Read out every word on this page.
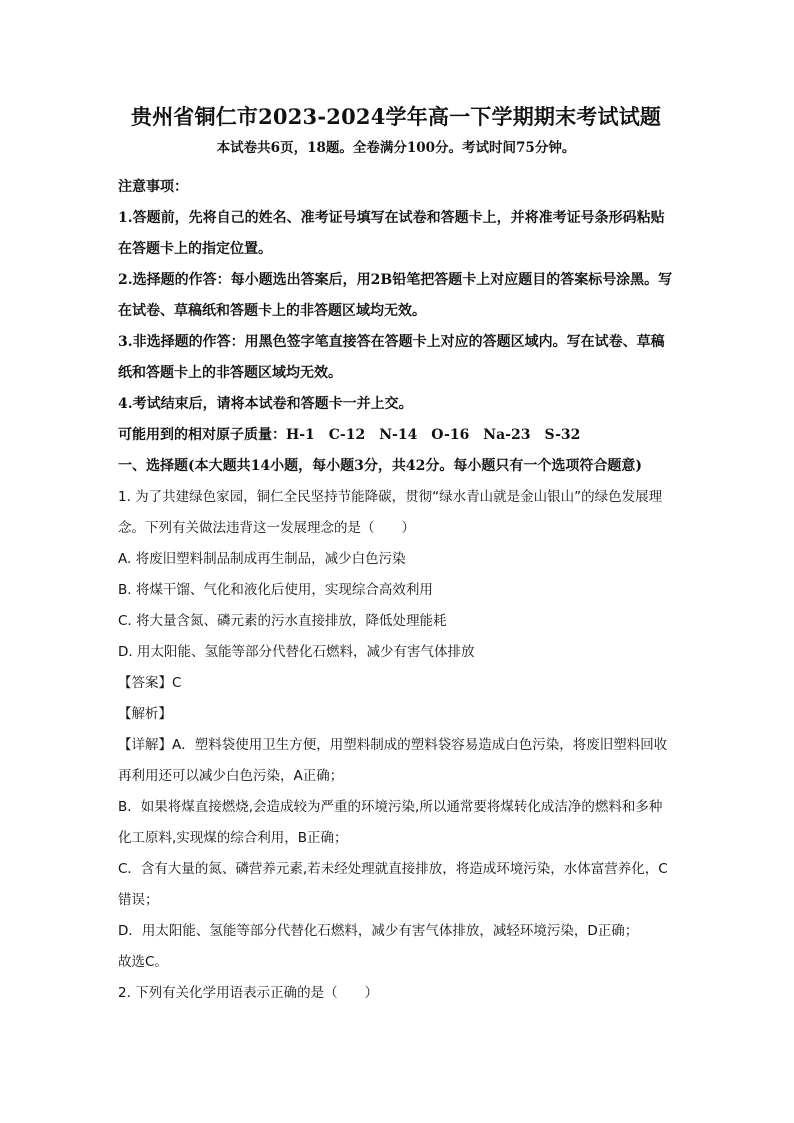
贵州省铜仁市2023-2024学年高一下学期期末考试试题
本试卷共6页，18题。全卷满分100分。考试时间75分钟。
注意事项：
1.答题前，先将自己的姓名、准考证号填写在试卷和答题卡上，并将准考证号条形码粘贴在答题卡上的指定位置。
2.选择题的作答：每小题选出答案后，用2B铅笔把答题卡上对应题目的答案标号涂黑。写在试卷、草稿纸和答题卡上的非答题区域均无效。
3.非选择题的作答：用黑色签字笔直接答在答题卡上对应的答题区域内。写在试卷、草稿纸和答题卡上的非答题区域均无效。
4.考试结束后，请将本试卷和答题卡一并上交。
可能用到的相对原子质量：H-1　C-12　N-14　O-16　Na-23　S-32
一、选择题(本大题共14小题，每小题3分，共42分。每小题只有一个选项符合题意)
1. 为了共建绿色家园，铜仁全民坚持节能降碳，贯彻“绿水青山就是金山银山”的绿色发展理念。下列有关做法违背这一发展理念的是（　　）
A. 将废旧塑料制品制成再生制品，减少白色污染
B. 将煤干馏、气化和液化后使用，实现综合高效利用
C. 将大量含氮、磷元素的污水直接排放，降低处理能耗
D. 用太阳能、氢能等部分代替化石燃料，减少有害气体排放
【答案】C
【解析】
【详解】A．塑料袋使用卫生方便，用塑料制成的塑料袋容易造成白色污染，将废旧塑料回收再利用还可以减少白色污染，A正确；
B．如果将煤直接燃烧,会造成较为严重的环境污染,所以通常要将煤转化成洁净的燃料和多种化工原料,实现煤的综合利用，B正确；
C．含有大量的氮、磷营养元素,若未经处理就直接排放，将造成环境污染，水体富营养化，C错误；
D．用太阳能、氢能等部分代替化石燃料，减少有害气体排放，减轻环境污染，D正确；
故选C。
2. 下列有关化学用语表示正确的是（　　）
